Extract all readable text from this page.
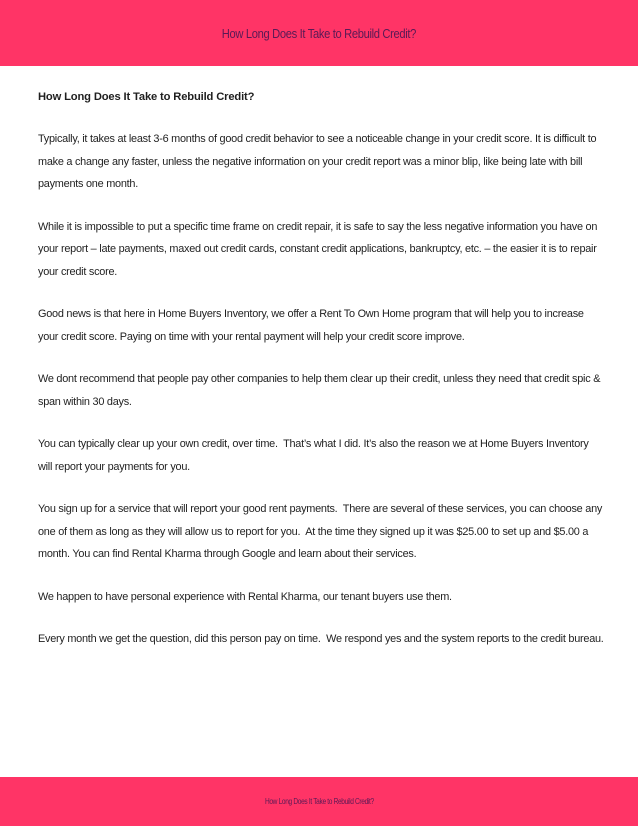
How Long Does It Take to Rebuild Credit?
How Long Does It Take to Rebuild Credit?

Typically, it takes at least 3-6 months of good credit behavior to see a noticeable change in your credit score. It is difficult to make a change any faster, unless the negative information on your credit report was a minor blip, like being late with bill payments one month.

While it is impossible to put a specific time frame on credit repair, it is safe to say the less negative information you have on your report – late payments, maxed out credit cards, constant credit applications, bankruptcy, etc. – the easier it is to repair your credit score.

Good news is that here in Home Buyers Inventory, we offer a Rent To Own Home program that will help you to increase your credit score. Paying on time with your rental payment will help your credit score improve.

We dont recommend that people pay other companies to help them clear up their credit, unless they need that credit spic & span within 30 days.

You can typically clear up your own credit, over time.  That’s what I did. It’s also the reason we at Home Buyers Inventory will report your payments for you.

You sign up for a service that will report your good rent payments.  There are several of these services, you can choose any one of them as long as they will allow us to report for you.  At the time they signed up it was $25.00 to set up and $5.00 a month. You can find Rental Kharma through Google and learn about their services.

We happen to have personal experience with Rental Kharma, our tenant buyers use them.

Every month we get the question, did this person pay on time.  We respond yes and the system reports to the credit bureau.

How Long Does It Take to Rebuild Credit?
